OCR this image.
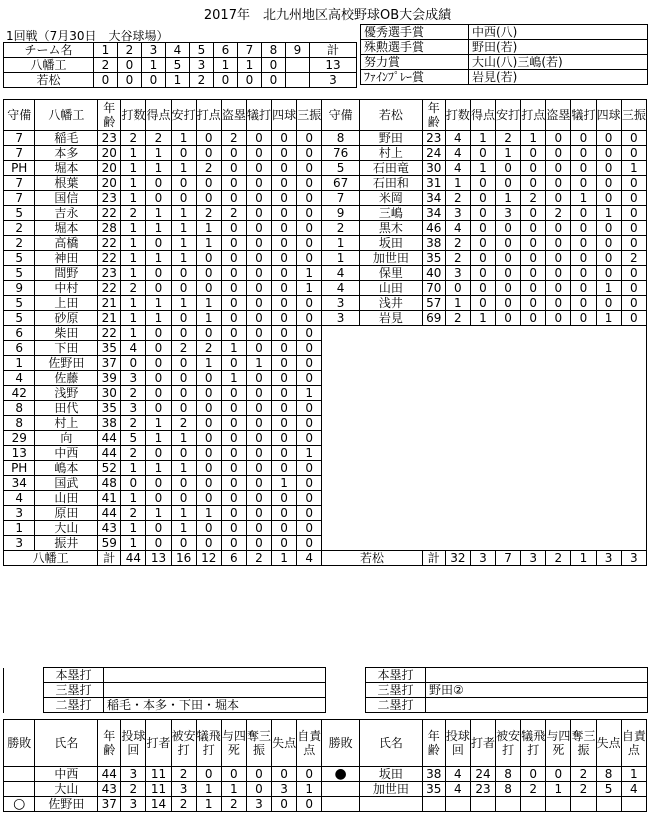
2017年　北九州地区高校野球OB大会成績
1回戦（7月30日　大谷球場）
チーム名	1	2	3	4	5	6	7	8	9	計
八幡工	2	0	1	5	3	1	1	0		13
若松	0	0	0	1	2	0	0	0		3
優秀選手賞	中西(八)
殊勲選手賞	野田(若)
努力賞	大山(八)三嶋(若)
ﾌｧｲﾝﾌﾟﾚｰ賞	岩見(若)
守備	八幡工	年齢	打数	得点	安打	打点	盗塁	犠打	四球	三振	守備	若松	年齢	打数	得点	安打	打点	盗塁	犠打	四球	三振
7	稲毛	23	2	2	1	0	2	0	0	0	8	野田	23	4	1	2	1	0	0	0	0
7	本多	20	1	1	0	0	0	0	0	0	76	村上	24	4	0	1	0	0	0	0	0
PH	堀本	20	1	1	1	2	0	0	0	0	5	石田竜	30	4	1	0	0	0	0	0	1
7	根葉	20	1	0	0	0	0	0	0	0	67	石田和	31	1	0	0	0	0	0	0	0
7	国信	23	1	0	0	0	0	0	0	0	7	米岡	34	2	0	1	2	0	1	0	0
5	吉永	22	2	1	1	2	2	0	0	0	9	三嶋	34	3	0	3	0	2	0	1	0
2	堀本	28	1	1	1	1	0	0	0	0	2	黒木	46	4	0	0	0	0	0	0	0
2	高橋	22	1	0	1	1	0	0	0	0	1	坂田	38	2	0	0	0	0	0	0	0
5	神田	22	1	1	1	0	0	0	0	0	1	加世田	35	2	0	0	0	0	0	0	2
5	間野	23	1	0	0	0	0	0	0	1	4	保里	40	3	0	0	0	0	0	0	0
9	中村	22	2	0	0	0	0	0	0	1	4	山田	70	0	0	0	0	0	0	1	0
5	上田	21	1	1	1	1	0	0	0	0	3	浅井	57	1	0	0	0	0	0	0	0
5	砂原	21	1	1	0	1	0	0	0	0	3	岩見	69	2	1	0	0	0	0	1	0
6	柴田	22	1	0	0	0	0	0	0	0											
6	下田	35	4	0	2	2	1	0	0	0											
1	佐野田	37	0	0	0	1	0	1	0	0											
4	佐藤	39	3	0	0	0	1	0	0	0											
42	浅野	30	2	0	0	0	0	0	0	1											
8	田代	35	3	0	0	0	0	0	0	0											
8	村上	38	2	1	2	0	0	0	0	0											
29	向	44	5	1	1	0	0	0	0	0											
13	中西	44	2	0	0	0	0	0	0	1											
PH	嶋本	52	1	1	1	0	0	0	0	0											
34	国武	48	0	0	0	0	0	0	1	0											
4	山田	41	1	0	0	0	0	0	0	0											
3	原田	44	2	1	1	1	0	0	0	0											
1	大山	43	1	0	1	0	0	0	0	0											
3	振井	59	1	0	0	0	0	0	0	0											
八幡工		計	44	13	16	12	6	2	1	4	若松		計	32	3	7	3	2	1	3	3
	本塁打			本塁打	
	三塁打			三塁打	野田②
	二塁打	稲毛・本多・下田・堀本		二塁打	
勝敗	氏名	年齢	投球回	打者	被安打	犠飛打	与四死	奪三振	失点	自責点	勝敗	氏名	年齢	投球回	打者	被安打	犠飛打	与四死	奪三振	失点	自責点
	中西	44	3	11	2	0	0	0	0	0	●	坂田	38	4	24	8	0	0	2	8	1
	大山	43	2	11	3	1	1	0	3	1		加世田	35	4	23	8	2	1	2	5	4
○	佐野田	37	3	14	2	1	2	3	0	0											
